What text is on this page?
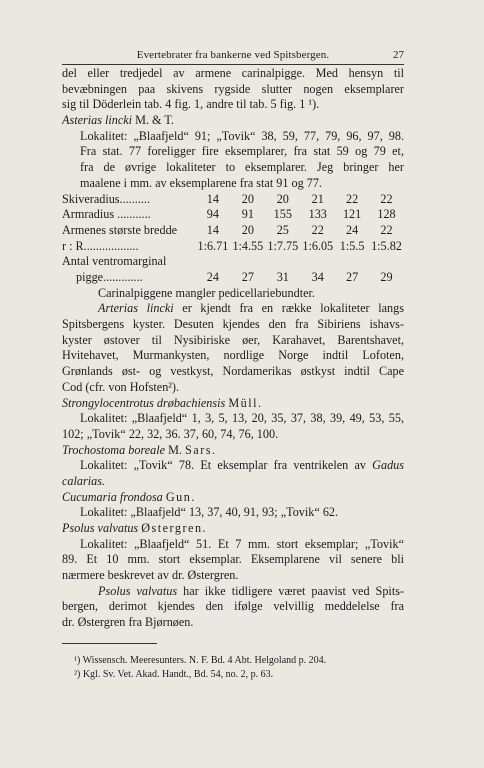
Evertebrater fra bankerne ved Spitsbergen.	27
del eller tredjedel av armene carinalpigge. Med hensyn til
bevæbningen paa skivens rygside slutter nogen eksemplarer
sig til Döderlein tab. 4 fig. 1, andre til tab. 5 fig. 1 ¹).
Asterias lincki M. & T.
Lokalitet: „Blaafjeld“ 91; „Tovik“ 38, 59, 77, 79, 96, 97, 98.
Fra stat. 77 foreligger fire eksemplarer, fra stat 59 og 79 et,
fra de øvrige lokaliteter to eksemplarer. Jeg bringer her
maalene i mm. av eksemplarene fra stat 91 og 77.
Skiveradius..........	14	20	20	21	22	22
Armradius ...........	94	91	155	133	121	128
Armenes største bredde	14	20	25	22	24	22
r : R..................	1:6.71	1:4.55	1:7.75	1:6.05	1:5.5	1:5.82
Antal ventromarginal						
pigge.............	24	27	31	34	27	29
Carinalpiggene mangler pedicellariebundter.
Arterias lincki er kjendt fra en række lokaliteter langs
Spitsbergens kyster. Desuten kjendes den fra Sibiriens ishavs-
kyster østover til Nysibiriske øer, Karahavet, Barentshavet,
Hvitehavet, Murmankysten, nordlige Norge indtil Lofoten,
Grønlands øst- og vestkyst, Nordamerikas østkyst indtil Cape
Cod (cfr. von Hofsten²).
Strongylocentrotus drøbachiensis Müll.
Lokalitet: „Blaafjeld“ 1, 3, 5, 13, 20, 35, 37, 38, 39, 49, 53, 55,
102; „Tovik“ 22, 32, 36. 37, 60, 74, 76, 100.
Trochostoma boreale M. Sars.
Lokalitet: „Tovik“ 78. Et eksemplar fra ventrikelen av Gadus
calarias.
Cucumaria frondosa Gun.
Lokalitet: „Blaafjeld“ 13, 37, 40, 91, 93; „Tovik“ 62.
Psolus valvatus Østergren.
Lokalitet: „Blaafjeld“ 51. Et 7 mm. stort eksemplar; „Tovik“
89. Et 10 mm. stort eksemplar. Eksemplarene vil senere bli
nærmere beskrevet av dr. Østergren.
Psolus valvatus har ikke tidligere været paavist ved Spits-
bergen, derimot kjendes den ifølge velvillig meddelelse fra
dr. Østergren fra Bjørnøen.
¹) Wissensch. Meeresunters. N. F. Bd. 4 Abt. Helgoland p. 204.
²) Kgl. Sv. Vet. Akad. Handt., Bd. 54, no. 2, p. 63.
